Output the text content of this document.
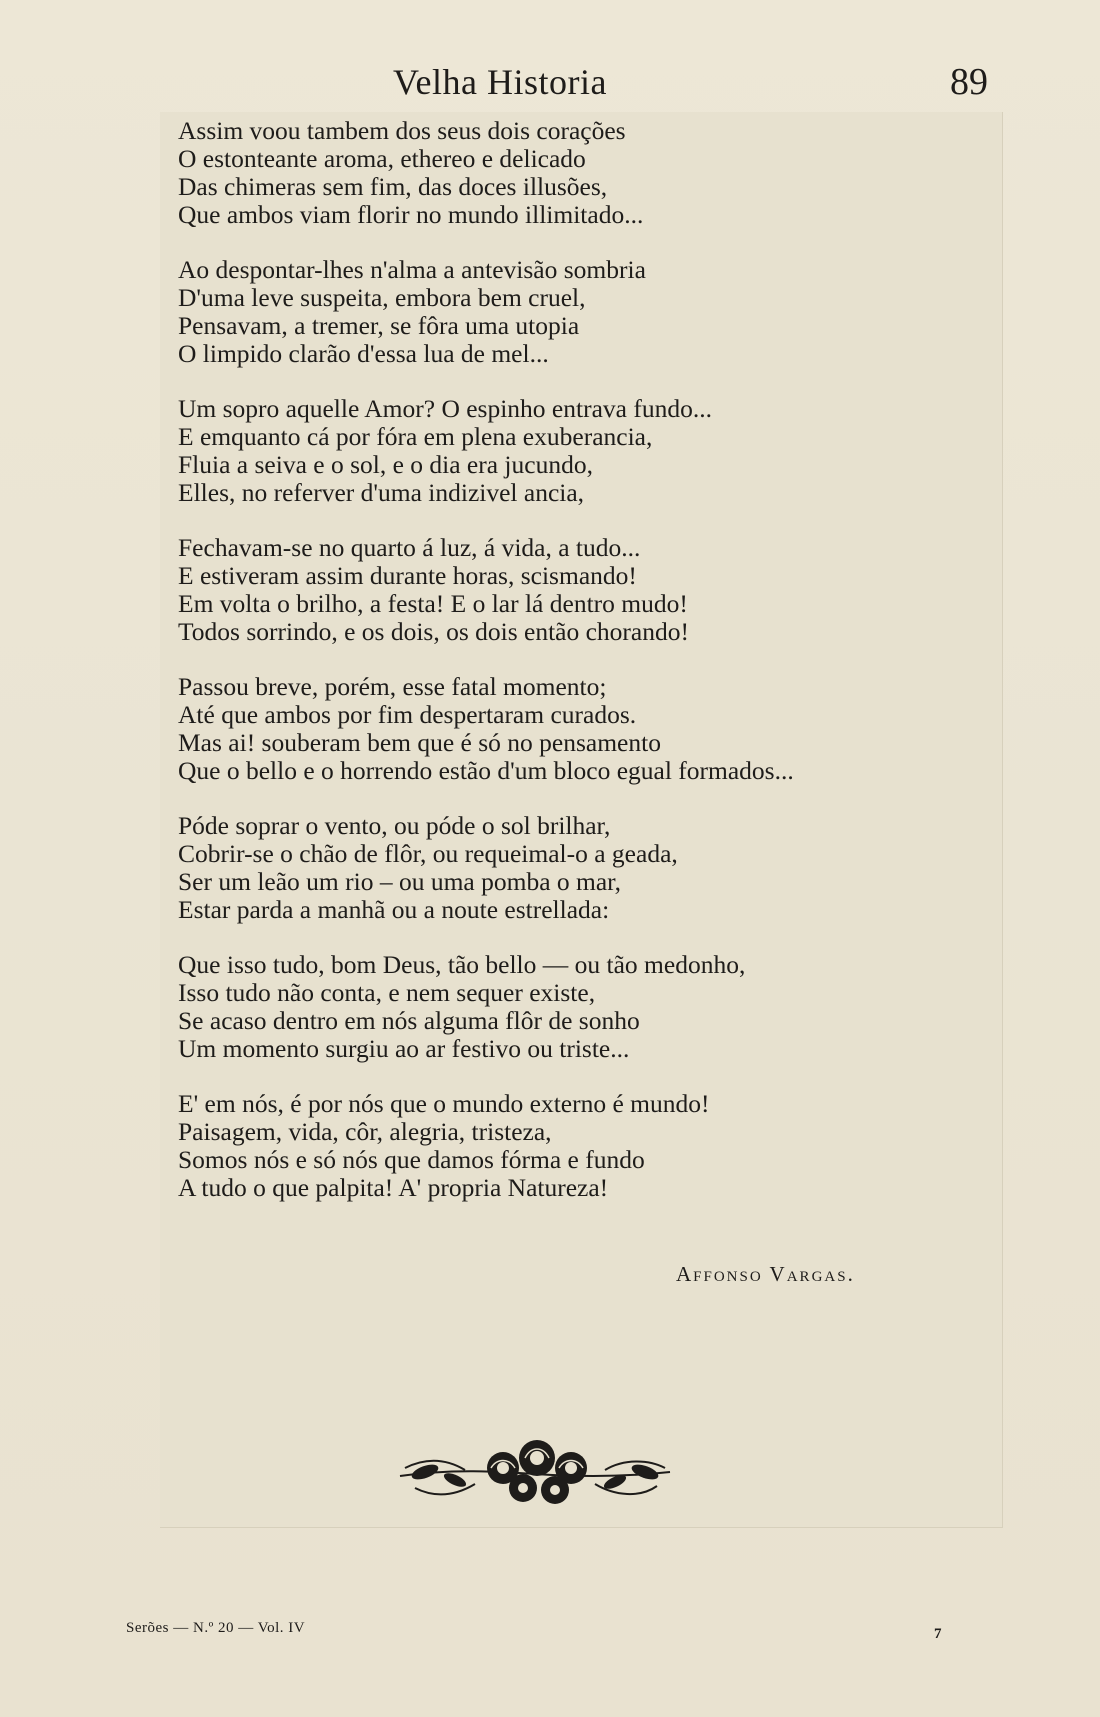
Velha Historia	89
Assim voou tambem dos seus dois corações
O estonteante aroma, ethereo e delicado
Das chimeras sem fim, das doces illusões,
Que ambos viam florir no mundo illimitado...
Ao despontar-lhes n'alma a antevisão sombria
D'uma leve suspeita, embora bem cruel,
Pensavam, a tremer, se fôra uma utopia
O limpido clarão d'essa lua de mel...
Um sopro aquelle Amor? O espinho entrava fundo...
E emquanto cá por fóra em plena exuberancia,
Fluia a seiva e o sol, e o dia era jucundo,
Elles, no referver d'uma indizivel ancia,
Fechavam-se no quarto á luz, á vida, a tudo...
E estiveram assim durante horas, scismando!
Em volta o brilho, a festa! E o lar lá dentro mudo!
Todos sorrindo, e os dois, os dois então chorando!
Passou breve, porém, esse fatal momento;
Até que ambos por fim despertaram curados.
Mas ai! souberam bem que é só no pensamento
Que o bello e o horrendo estão d'um bloco egual formados...
Póde soprar o vento, ou póde o sol brilhar,
Cobrir-se o chão de flôr, ou requeimal-o a geada,
Ser um leão um rio – ou uma pomba o mar,
Estar parda a manhã ou a noute estrellada:
Que isso tudo, bom Deus, tão bello — ou tão medonho,
Isso tudo não conta, e nem sequer existe,
Se acaso dentro em nós alguma flôr de sonho
Um momento surgiu ao ar festivo ou triste...
E' em nós, é por nós que o mundo externo é mundo!
Paisagem, vida, côr, alegria, tristeza,
Somos nós e só nós que damos fórma e fundo
A tudo o que palpita! A' propria Natureza!
Affonso Vargas.
Serões — N.º 20 — Vol. IV	7
